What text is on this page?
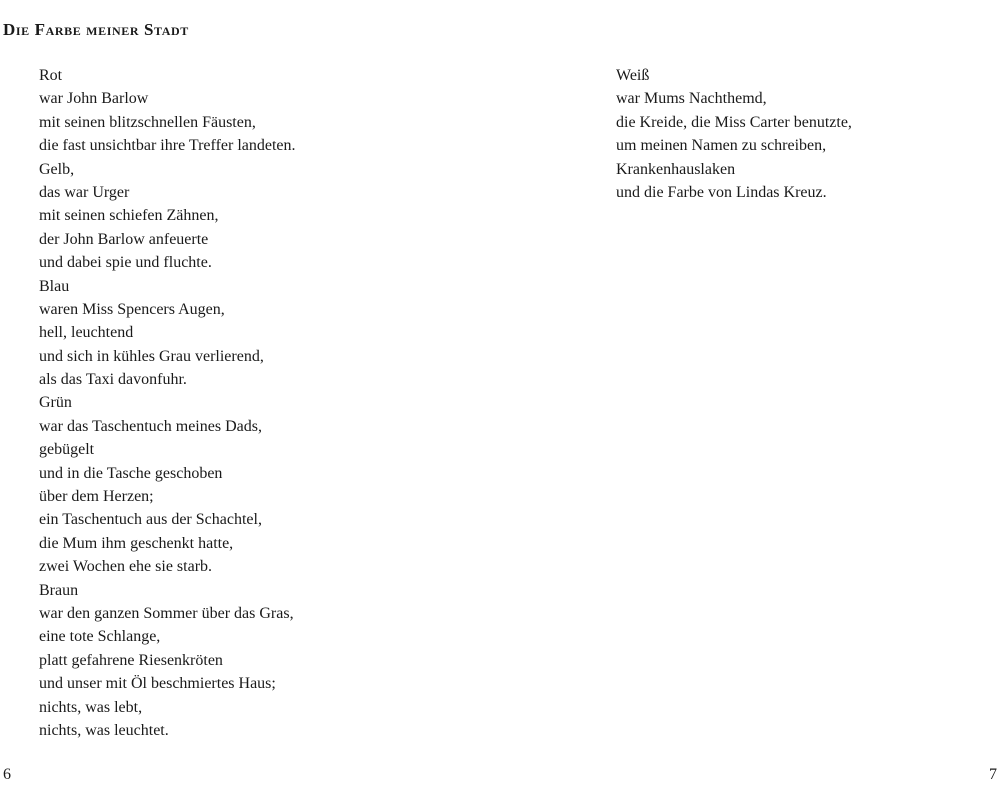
Die Farbe meiner Stadt
Rot
war John Barlow
mit seinen blitzschnellen Fäusten,
die fast unsichtbar ihre Treffer landeten.
Gelb,
das war Urger
mit seinen schiefen Zähnen,
der John Barlow anfeuerte
und dabei spie und fluchte.
Blau
waren Miss Spencers Augen,
hell, leuchtend
und sich in kühles Grau verlierend,
als das Taxi davonfuhr.
Grün
war das Taschentuch meines Dads,
gebügelt
und in die Tasche geschoben
über dem Herzen;
ein Taschentuch aus der Schachtel,
die Mum ihm geschenkt hatte,
zwei Wochen ehe sie starb.
Braun
war den ganzen Sommer über das Gras,
eine tote Schlange,
platt gefahrene Riesenkröten
und unser mit Öl beschmiertes Haus;
nichts, was lebt,
nichts, was leuchtet.
Weiß
war Mums Nachthemd,
die Kreide, die Miss Carter benutzte,
um meinen Namen zu schreiben,
Krankenhauslaken
und die Farbe von Lindas Kreuz.
6	7
